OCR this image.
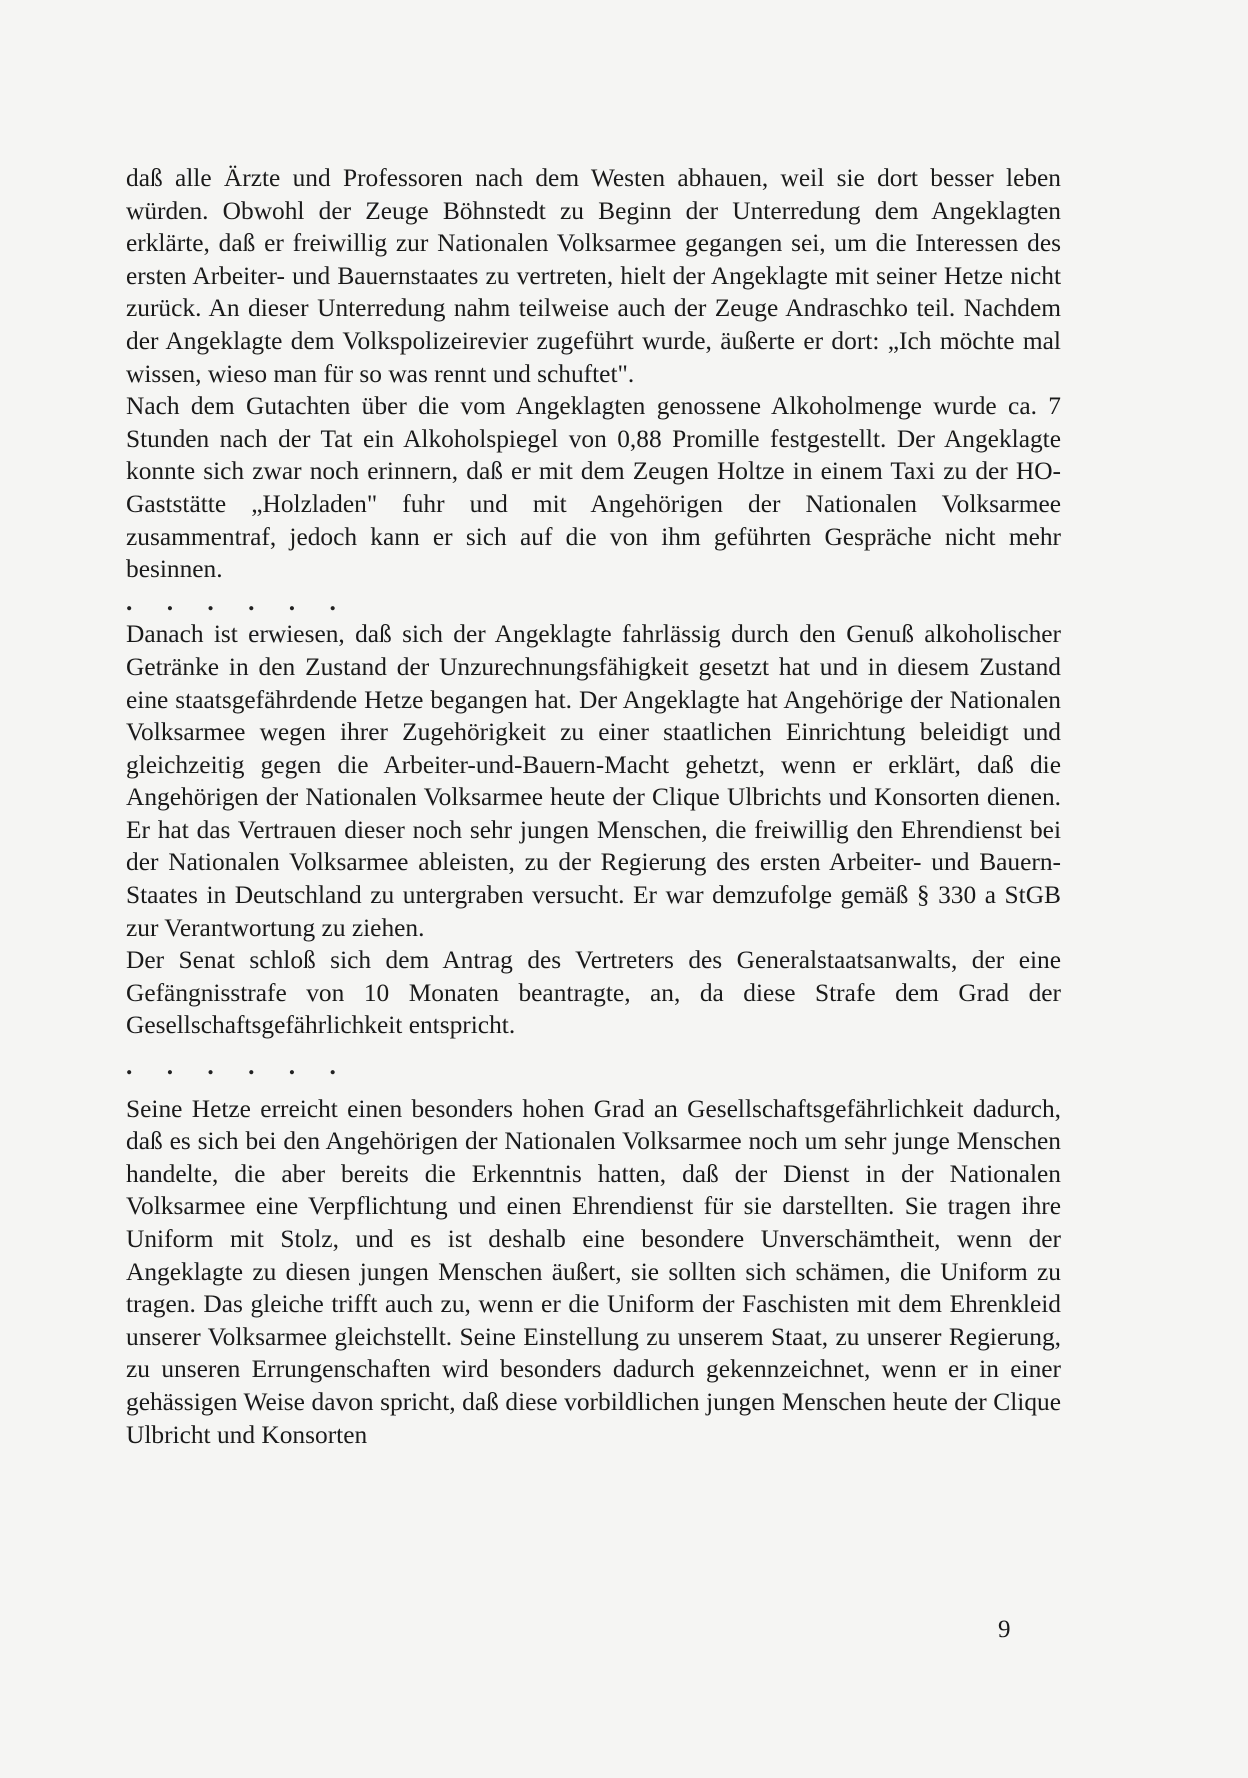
daß alle Ärzte und Professoren nach dem Westen abhauen, weil sie dort besser leben würden. Obwohl der Zeuge Böhnstedt zu Beginn der Unterredung dem Angeklagten erklärte, daß er freiwillig zur Nationalen Volksarmee gegangen sei, um die Interessen des ersten Arbeiter- und Bauernstaates zu vertreten, hielt der Angeklagte mit seiner Hetze nicht zurück. An dieser Unterredung nahm teilweise auch der Zeuge Andraschko teil. Nachdem der Angeklagte dem Volkspolizeirevier zugeführt wurde, äußerte er dort: „Ich möchte mal wissen, wieso man für so was rennt und schuftet".

Nach dem Gutachten über die vom Angeklagten genossene Alkoholmenge wurde ca. 7 Stunden nach der Tat ein Alkoholspiegel von 0,88 Promille festgestellt. Der Angeklagte konnte sich zwar noch erinnern, daß er mit dem Zeugen Holtze in einem Taxi zu der HO-Gaststätte „Holzladen" fuhr und mit Angehörigen der Nationalen Volksarmee zusammentraf, jedoch kann er sich auf die von ihm geführten Gespräche nicht mehr besinnen.

. . . . . .

Danach ist erwiesen, daß sich der Angeklagte fahrlässig durch den Genuß alkoholischer Getränke in den Zustand der Unzurechnungsfähigkeit gesetzt hat und in diesem Zustand eine staatsgefährdende Hetze begangen hat. Der Angeklagte hat Angehörige der Nationalen Volksarmee wegen ihrer Zugehörigkeit zu einer staatlichen Einrichtung beleidigt und gleichzeitig gegen die Arbeiter-und-Bauern-Macht gehetzt, wenn er erklärt, daß die Angehörigen der Nationalen Volksarmee heute der Clique Ulbrichts und Konsorten dienen. Er hat das Vertrauen dieser noch sehr jungen Menschen, die freiwillig den Ehrendienst bei der Nationalen Volksarmee ableisten, zu der Regierung des ersten Arbeiter- und Bauern-Staates in Deutschland zu untergraben versucht. Er war demzufolge gemäß § 330 a StGB zur Verantwortung zu ziehen.

Der Senat schloß sich dem Antrag des Vertreters des Generalstaatsanwalts, der eine Gefängnisstrafe von 10 Monaten beantragte, an, da diese Strafe dem Grad der Gesellschaftsgefährlichkeit entspricht.

. . . . . .

Seine Hetze erreicht einen besonders hohen Grad an Gesellschaftsgefährlichkeit dadurch, daß es sich bei den Angehörigen der Nationalen Volksarmee noch um sehr junge Menschen handelte, die aber bereits die Erkenntnis hatten, daß der Dienst in der Nationalen Volksarmee eine Verpflichtung und einen Ehrendienst für sie darstellten. Sie tragen ihre Uniform mit Stolz, und es ist deshalb eine besondere Unverschämtheit, wenn der Angeklagte zu diesen jungen Menschen äußert, sie sollten sich schämen, die Uniform zu tragen. Das gleiche trifft auch zu, wenn er die Uniform der Faschisten mit dem Ehrenkleid unserer Volksarmee gleichstellt. Seine Einstellung zu unserem Staat, zu unserer Regierung, zu unseren Errungenschaften wird besonders dadurch gekennzeichnet, wenn er in einer gehässigen Weise davon spricht, daß diese vorbildlichen jungen Menschen heute der Clique Ulbricht und Konsorten

9
